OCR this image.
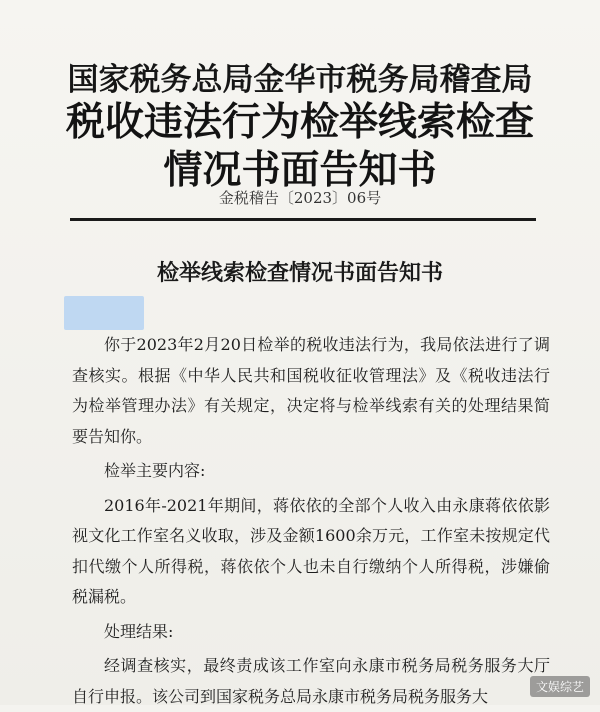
国家税务总局金华市税务局稽查局
税收违法行为检举线索检查
情况书面告知书
金税稽告〔2023〕06号
检举线索检查情况书面告知书

你于2023年2月20日检举的税收违法行为，我局依法进行了调查核实。根据《中华人民共和国税收征收管理法》及《税收违法行为检举管理办法》有关规定，决定将与检举线索有关的处理结果简要告知你。

检举主要内容:

2016年-2021年期间，蒋依依的全部个人收入由永康蒋依依影视文化工作室名义收取，涉及金额1600余万元，工作室未按规定代扣代缴个人所得税，蒋依依个人也未自行缴纳个人所得税，涉嫌偷税漏税。

处理结果:

经调查核实，最终责成该工作室向永康市税务局税务服务大厅自行申报。该公司到国家税务总局永康市税务局税务服务大	文娱综艺
